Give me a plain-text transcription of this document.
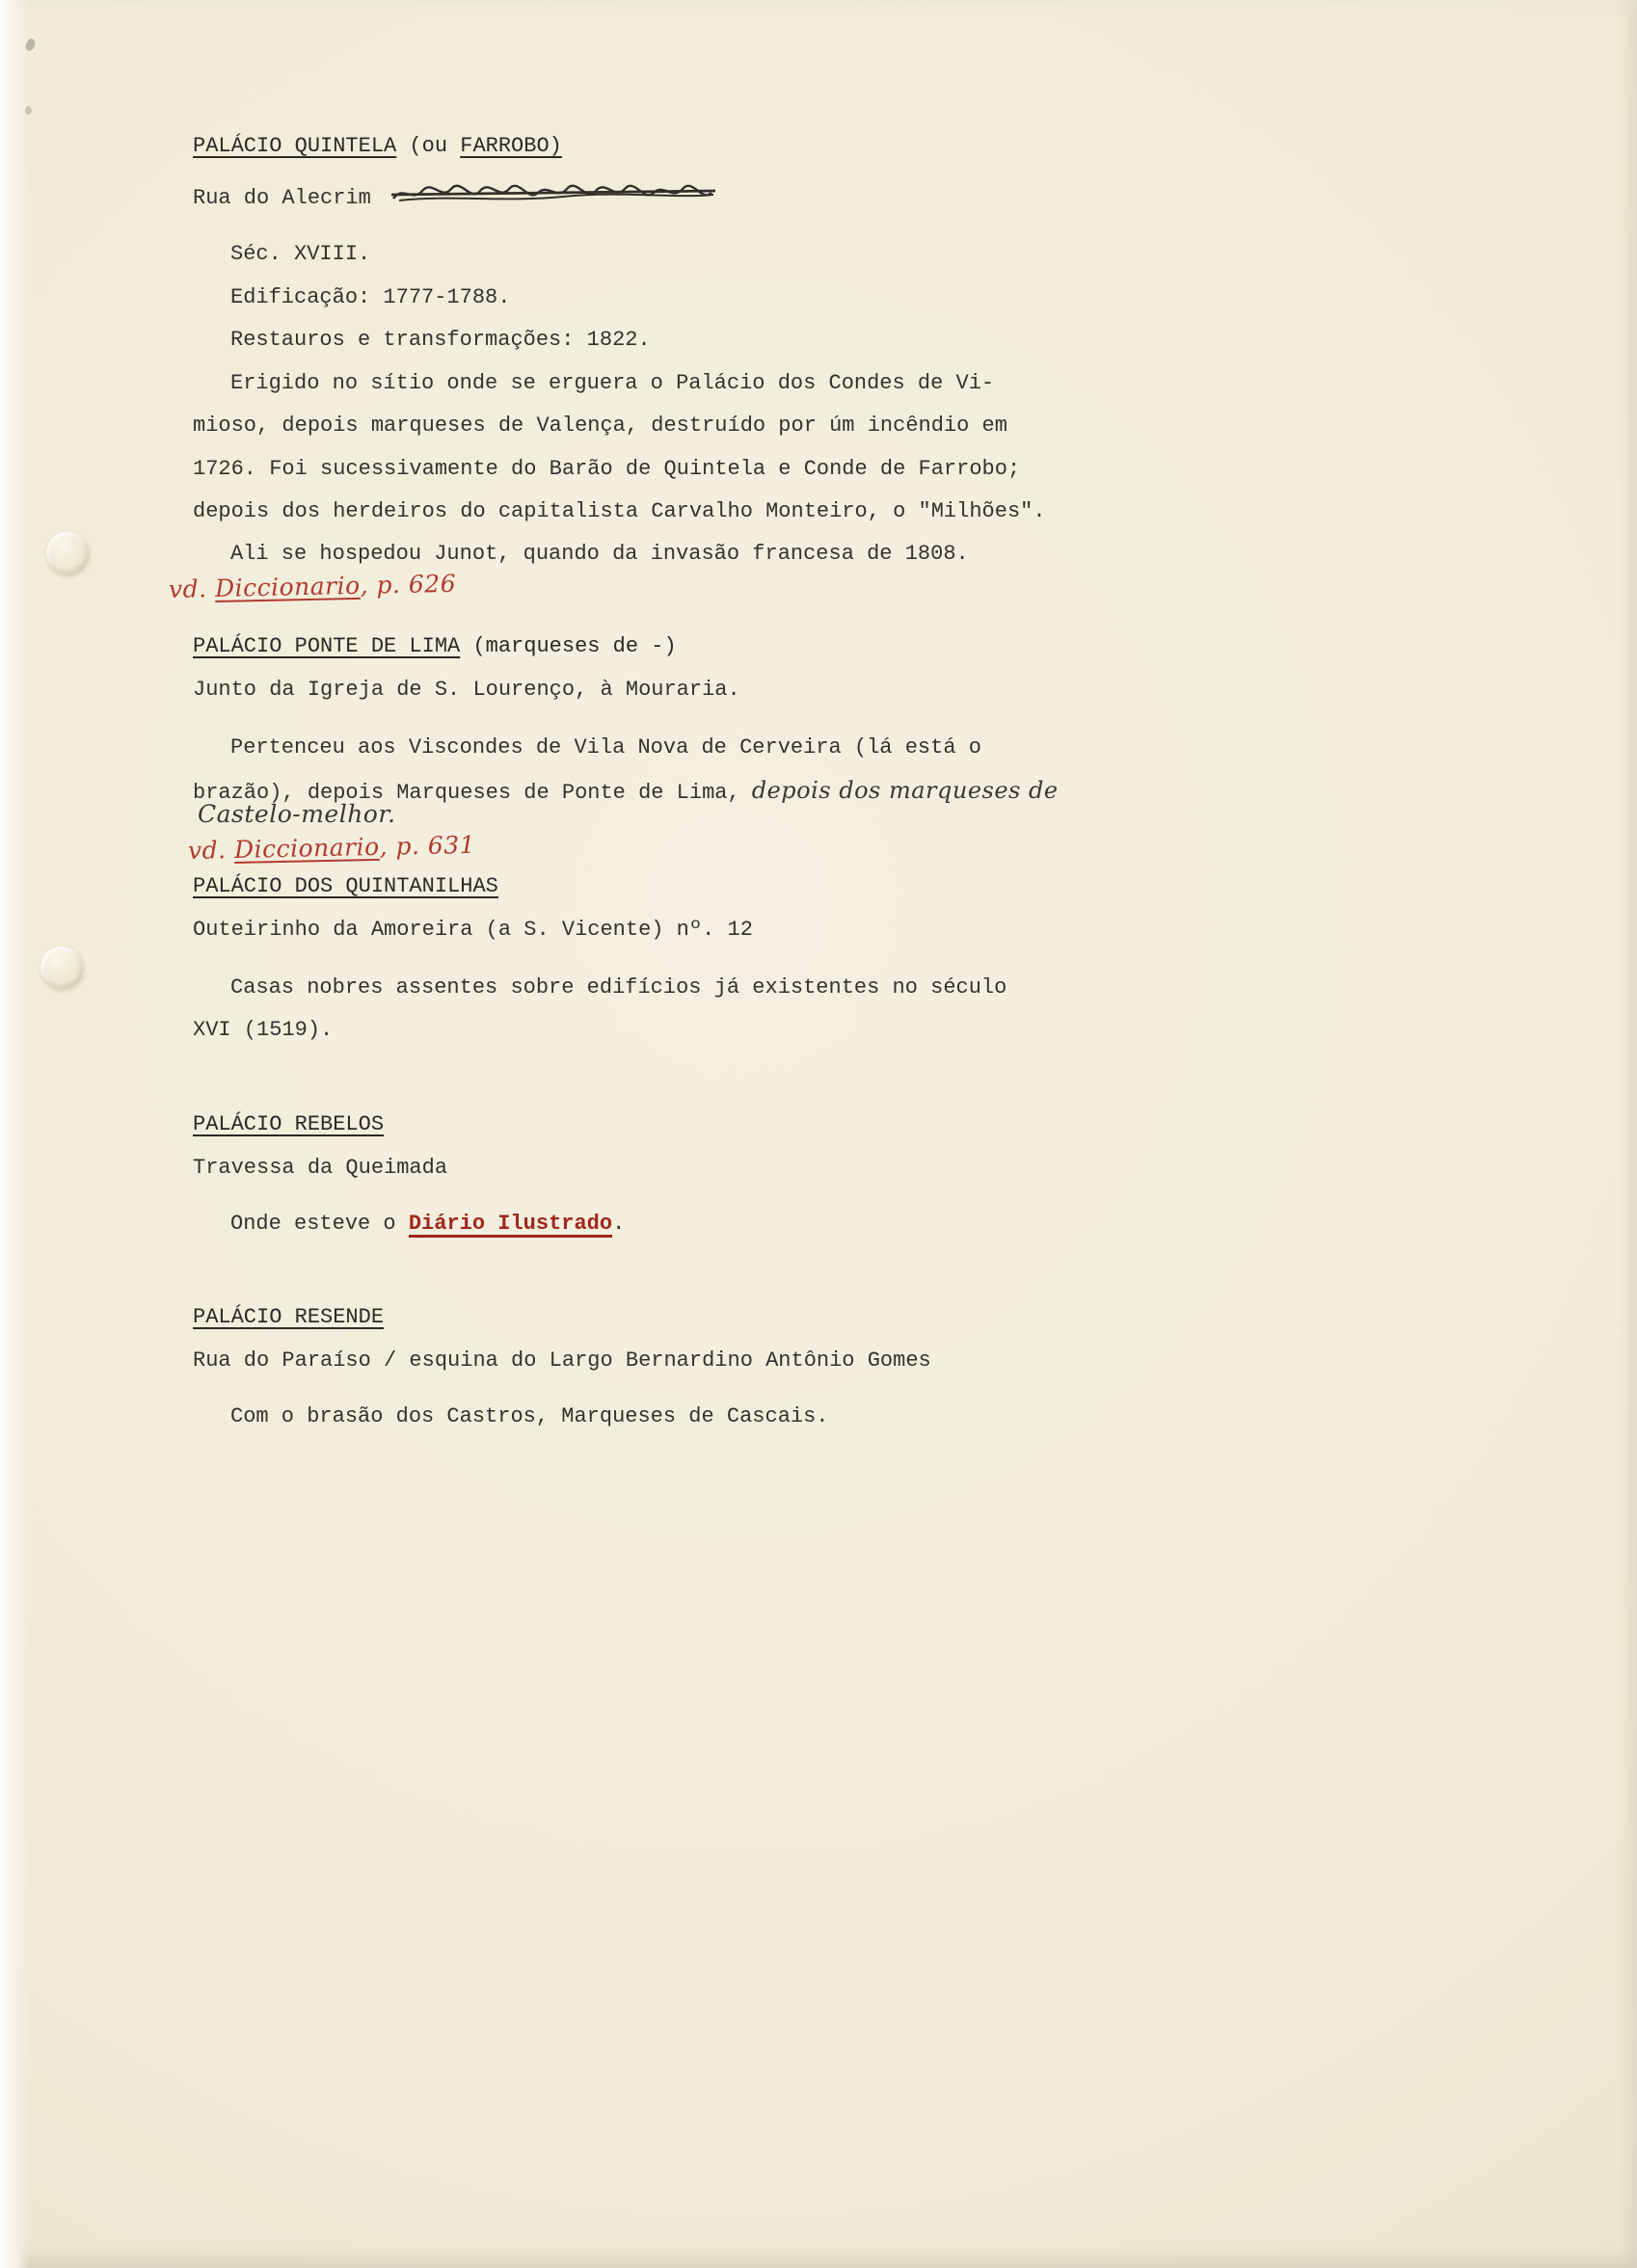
PALÁCIO QUINTELA (ou FARROBO)
Rua do Alecrim
Séc. XVIII.
Edificação: 1777-1788.
Restauros e transformações: 1822.
Erigido no sítio onde se erguera o Palácio dos Condes de Vi-
mioso, depois marqueses de Valença, destruído por úm incêndio em
1726. Foi sucessivamente do Barão de Quintela e Conde de Farrobo;
depois dos herdeiros do capitalista Carvalho Monteiro, o "Milhões".
Ali se hospedou Junot, quando da invasão francesa de 1808.
vd. Diccionario, p. 626
PALÁCIO PONTE DE LIMA (marqueses de -)
Junto da Igreja de S. Lourenço, à Mouraria.
Pertenceu aos Viscondes de Vila Nova de Cerveira (lá está o
brazão), depois Marqueses de Ponte de Lima, depois dos marqueses de
Castelo-melhor.
vd. Diccionario, p. 631
PALÁCIO DOS QUINTANILHAS
Outeirinho da Amoreira (a S. Vicente) nº. 12
Casas nobres assentes sobre edifícios já existentes no século
XVI (1519).
PALÁCIO REBELOS
Travessa da Queimada
Onde esteve o Diário Ilustrado.
PALÁCIO RESENDE
Rua do Paraíso / esquina do Largo Bernardino Antônio Gomes
Com o brasão dos Castros, Marqueses de Cascais.
